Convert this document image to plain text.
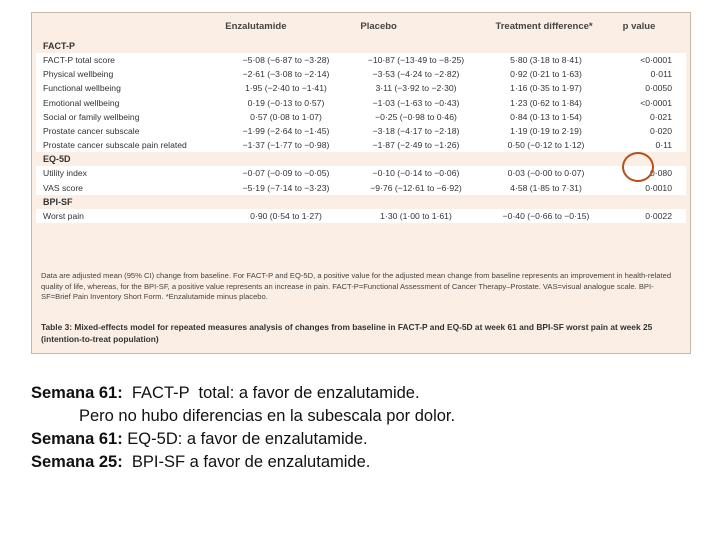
Enzalutamide	Placebo	Treatment difference*	p value
FACT-P
FACT-P total score	−5·08 (−6·87 to −3·28)	−10·87 (−13·49 to −8·25)	5·80 (3·18 to 8·41)	<0·0001
Physical wellbeing	−2·61 (−3·08 to −2·14)	−3·53 (−4·24 to −2·82)	0·92 (0·21 to 1·63)	0·011
Functional wellbeing	1·95 (−2·40 to −1·41)	3·11 (−3·92 to −2·30)	1·16 (0·35 to 1·97)	0·0050
Emotional wellbeing	0·19 (−0·13 to 0·57)	−1·03 (−1·63 to −0·43)	1·23 (0·62 to 1·84)	<0·0001
Social or family wellbeing	0·57 (0·08 to 1·07)	−0·25 (−0·98 to 0·46)	0·84 (0·13 to 1·54)	0·021
Prostate cancer subscale	−1·99 (−2·64 to −1·45)	−3·18 (−4·17 to −2·18)	1·19 (0·19 to 2·19)	0·020
Prostate cancer subscale pain related	−1·37 (−1·77 to −0·98)	−1·87 (−2·49 to −1·26)	0·50 (−0·12 to 1·12)	0·11
EQ-5D
Utility index	−0·07 (−0·09 to −0·05)	−0·10 (−0·14 to −0·06)	0·03 (−0·00 to 0·07)	0·080
VAS score	−5·19 (−7·14 to −3·23)	−9·76 (−12·61 to −6·92)	4·58 (1·85 to 7·31)	0·0010
BPI-SF
Worst pain	0·90 (0·54 to 1·27)	1·30 (1·00 to 1·61)	−0·40 (−0·66 to −0·15)	0·0022
Data are adjusted mean (95% CI) change from baseline. For FACT-P and EQ-5D, a positive value for the adjusted mean change from baseline represents an improvement in health-related quality of life, whereas, for the BPI-SF, a positive value represents an increase in pain. FACT-P=Functional Assessment of Cancer Therapy–Prostate. VAS=visual analogue scale. BPI-SF=Brief Pain Inventory Short Form. *Enzalutamide minus placebo.
Table 3: Mixed-effects model for repeated measures analysis of changes from baseline in FACT-P and EQ-5D at week 61 and BPI-SF worst pain at week 25 (intention-to-treat population)
Semana 61:  FACT-P  total: a favor de enzalutamide.
Pero no hubo diferencias en la subescala por dolor.
Semana 61: EQ-5D: a favor de enzalutamide.
Semana 25:  BPI-SF a favor de enzalutamide.
